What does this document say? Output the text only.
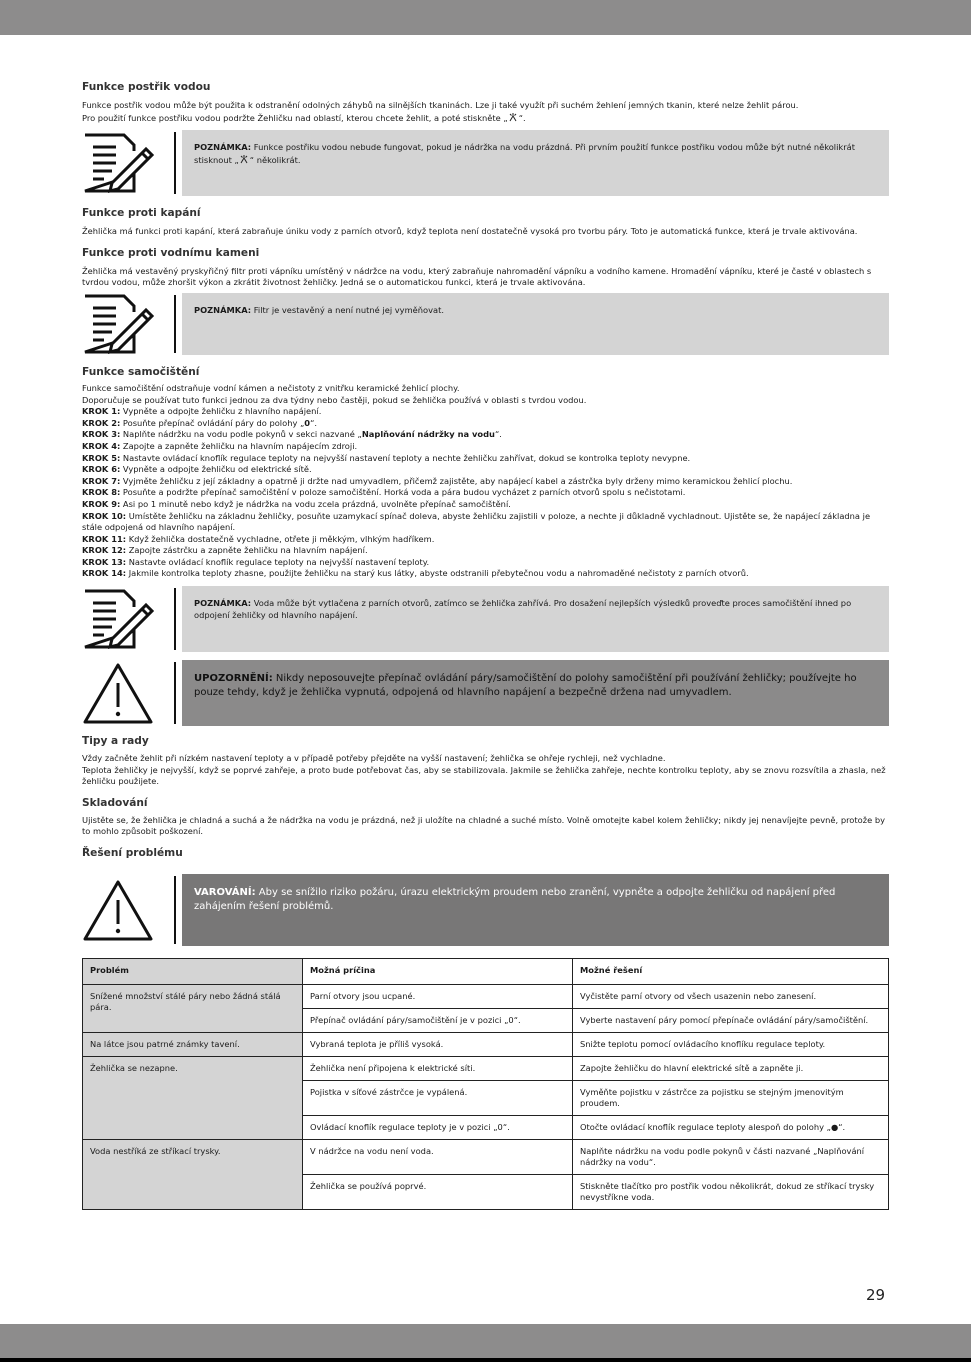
Funkce postřik vodou

Funkce postřik vodou může být použita k odstranění odolných záhybů na silnějších tkaninách. Lze ji také využít při suchém žehlení jemných tkanin, které nelze žehlit párou.
Pro použití funkce postřiku vodou podržte Žehličku nad oblastí, kterou chcete žehlit, a poté stiskněte „ “.

POZNÁMKA: Funkce postřiku vodou nebude fungovat, pokud je nádržka na vodu prázdná. Při prvním použití funkce postřiku vodou může být nutné několikrát stisknout „ “ několikrát.
Funkce proti kapání

Žehlička má funkci proti kapání, která zabraňuje úniku vody z parních otvorů, když teplota není dostatečně vysoká pro tvorbu páry. Toto je automatická funkce, která je trvale aktivována.

Funkce proti vodnímu kameni

Žehlička má vestavěný pryskyřičný filtr proti vápníku umístěný v nádržce na vodu, který zabraňuje nahromadění vápníku a vodního kamene. Hromadění vápníku, které je časté v oblastech s tvrdou vodou, může zhoršit výkon a zkrátit životnost žehličky. Jedná se o automatickou funkci, která je trvale aktivována.

POZNÁMKA: Filtr je vestavěný a není nutné jej vyměňovat.
Funkce samočištění

Funkce samočištění odstraňuje vodní kámen a nečistoty z vnitřku keramické žehlicí plochy.

Doporučuje se používat tuto funkci jednou za dva týdny nebo častěji, pokud se žehlička používá v oblasti s tvrdou vodou.

KROK 1: Vypněte a odpojte žehličku z hlavního napájení.

KROK 2: Posuňte přepínač ovládání páry do polohy „0“.

KROK 3: Naplňte nádržku na vodu podle pokynů v sekci nazvané „Naplňování nádržky na vodu“.

KROK 4: Zapojte a zapněte žehličku na hlavním napájecím zdroji.

KROK 5: Nastavte ovládací knoflík regulace teploty na nejvyšší nastavení teploty a nechte žehličku zahřívat, dokud se kontrolka teploty nevypne.

KROK 6: Vypněte a odpojte žehličku od elektrické sítě.

KROK 7: Vyjměte žehličku z její základny a opatrně ji držte nad umyvadlem, přičemž zajistěte, aby napájecí kabel a zástrčka byly drženy mimo keramickou žehlicí plochu.

KROK 8: Posuňte a podržte přepínač samočištění v poloze samočištění. Horká voda a pára budou vycházet z parních otvorů spolu s nečistotami.

KROK 9: Asi po 1 minutě nebo když je nádržka na vodu zcela prázdná, uvolněte přepínač samočištění.

KROK 10: Umístěte žehličku na základnu žehličky, posuňte uzamykací spínač doleva, abyste žehličku zajistili v poloze, a nechte ji důkladně vychladnout. Ujistěte se, že napájecí základna je stále odpojená od hlavního napájení.

KROK 11: Když žehlička dostatečně vychladne, otřete ji měkkým, vlhkým hadříkem.

KROK 12: Zapojte zástrčku a zapněte žehličku na hlavním napájení.

KROK 13: Nastavte ovládací knoflík regulace teploty na nejvyšší nastavení teploty.

KROK 14: Jakmile kontrolka teploty zhasne, použijte žehličku na starý kus látky, abyste odstranili přebytečnou vodu a nahromaděné nečistoty z parních otvorů.

POZNÁMKA: Voda může být vytlačena z parních otvorů, zatímco se žehlička zahřívá. Pro dosažení nejlepších výsledků proveďte proces samočištění ihned po odpojení žehličky od hlavního napájení.
UPOZORNĚNÍ: Nikdy neposouvejte přepínač ovládání páry/samočištění do polohy samočištění při používání žehličky; používejte ho pouze tehdy, když je žehlička vypnutá, odpojená od hlavního napájení a bezpečně držena nad umyvadlem.
Tipy a rady

Vždy začněte žehlit při nízkém nastavení teploty a v případě potřeby přejděte na vyšší nastavení; žehlička se ohřeje rychleji, než vychladne.

Teplota žehličky je nejvyšší, když se poprvé zahřeje, a proto bude potřebovat čas, aby se stabilizovala. Jakmile se žehlička zahřeje, nechte kontrolku teploty, aby se znovu rozsvítila a zhasla, než žehličku použijete.

Skladování

Ujistěte se, že žehlička je chladná a suchá a že nádržka na vodu je prázdná, než ji uložíte na chladné a suché místo. Volně omotejte kabel kolem žehličky; nikdy jej nenavíjejte pevně, protože by to mohlo způsobit poškození.

Řešení problému
VAROVÁNÍ: Aby se snížilo riziko požáru, úrazu elektrickým proudem nebo zranění, vypněte a odpojte žehličku od napájení před zahájením řešení problémů.
Problém	Možná príčina	Možné řešení
Snížené množství stálé páry nebo žádná stálá pára.	Parní otvory jsou ucpané.	Vyčistěte parní otvory od všech usazenin nebo zanesení.
	Přepínač ovládání páry/samočištění je v pozici „0“.	Vyberte nastavení páry pomocí přepínače ovládání páry/samočištění.
Na látce jsou patrné známky tavení.	Vybraná teplota je příliš vysoká.	Snižte teplotu pomocí ovládacího knoflíku regulace teploty.
Žehlička se nezapne.	Žehlička není připojena k elektrické síti.	Zapojte žehličku do hlavní elektrické sítě a zapněte ji.
	Pojistka v síťové zástrčce je vypálená.	Vyměňte pojistku v zástrčce za pojistku se stejným jmenovitým proudem.
	Ovládací knoflík regulace teploty je v pozici „0“.	Otočte ovládací knoflík regulace teploty alespoň do polohy „●“.
Voda nestříká ze stříkací trysky.	V nádržce na vodu není voda.	Naplňte nádržku na vodu podle pokynů v části nazvané „Naplňování nádržky na vodu“.
	Žehlička se používá poprvé.	Stiskněte tlačítko pro postřik vodou několikrát, dokud ze stříkací trysky nevystříkne voda.
29
